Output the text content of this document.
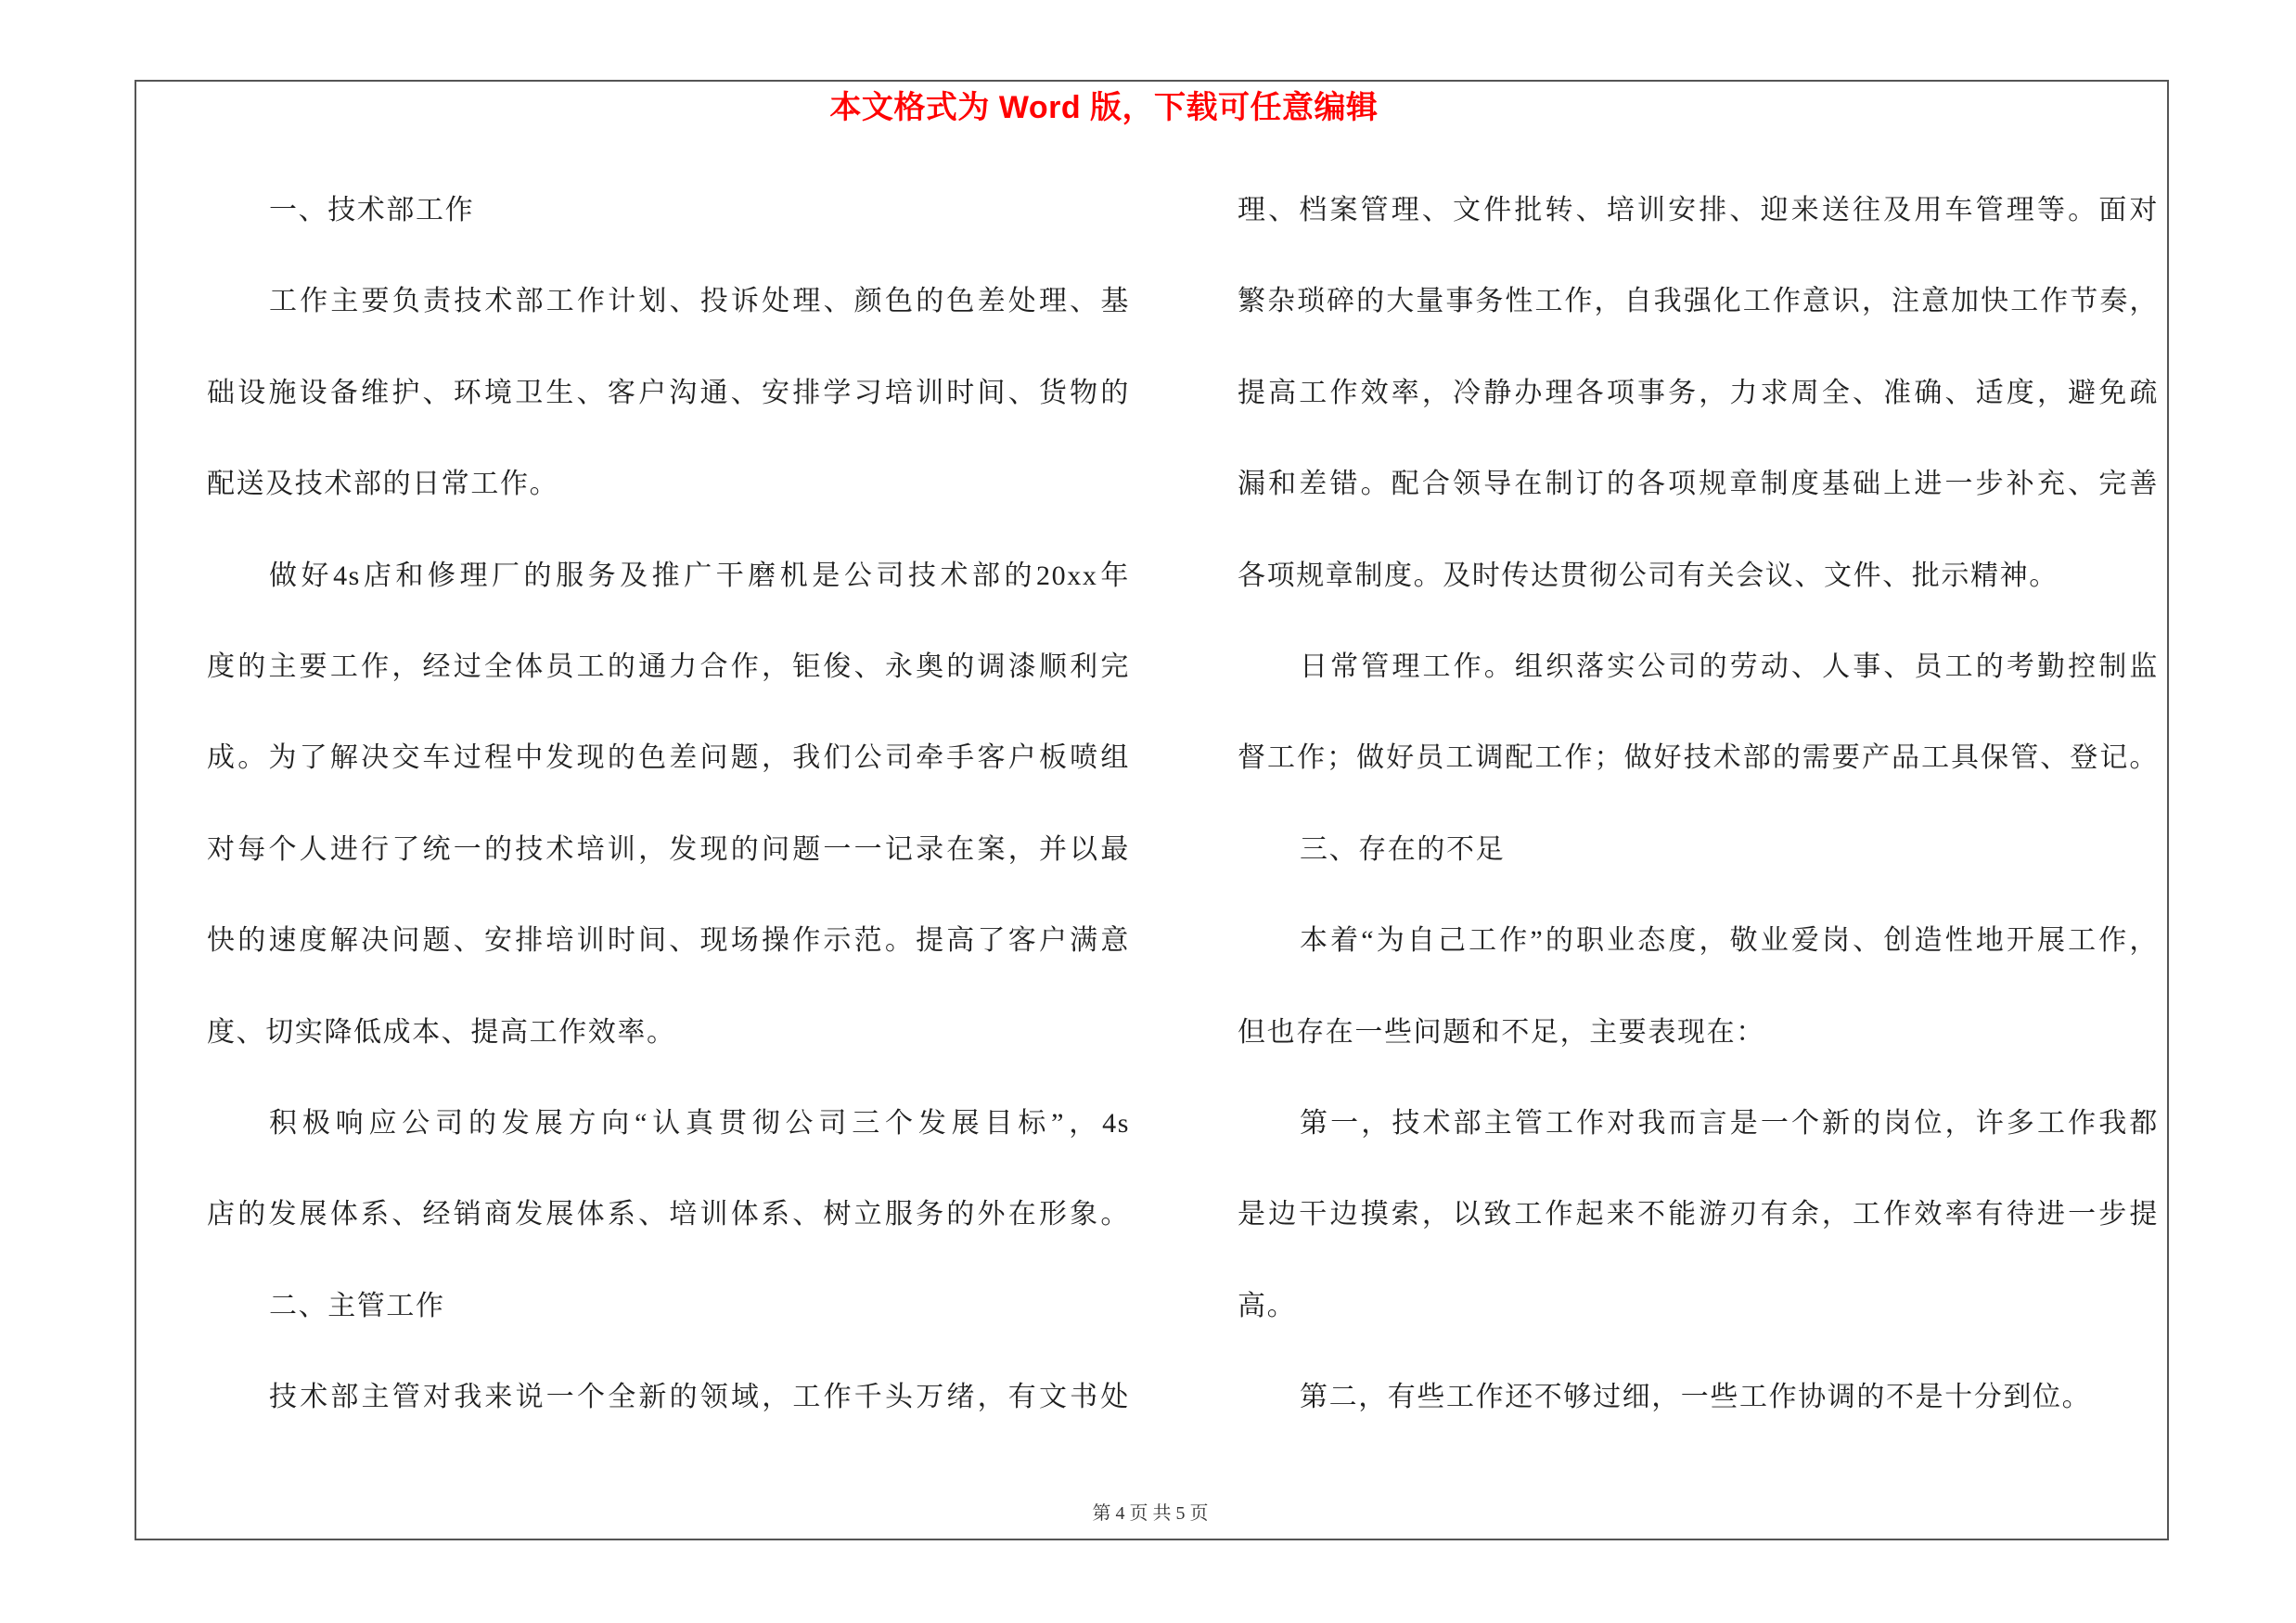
本文格式为 Word 版，下载可任意编辑
一、技术部工作
工作主要负责技术部工作计划、投诉处理、颜色的色差处理、基
础设施设备维护、环境卫生、客户沟通、安排学习培训时间、货物的
配送及技术部的日常工作。
做好4s店和修理厂的服务及推广干磨机是公司技术部的20xx年
度的主要工作，经过全体员工的通力合作，钜俊、永奥的调漆顺利完
成。为了解决交车过程中发现的色差问题，我们公司牵手客户板喷组
对每个人进行了统一的技术培训，发现的问题一一记录在案，并以最
快的速度解决问题、安排培训时间、现场操作示范。提高了客户满意
度、切实降低成本、提高工作效率。
积极响应公司的发展方向“认真贯彻公司三个发展目标”，4s
店的发展体系、经销商发展体系、培训体系、树立服务的外在形象。
二、主管工作
技术部主管对我来说一个全新的领域，工作千头万绪，有文书处
理、档案管理、文件批转、培训安排、迎来送往及用车管理等。面对
繁杂琐碎的大量事务性工作，自我强化工作意识，注意加快工作节奏，
提高工作效率，冷静办理各项事务，力求周全、准确、适度，避免疏
漏和差错。配合领导在制订的各项规章制度基础上进一步补充、完善
各项规章制度。及时传达贯彻公司有关会议、文件、批示精神。
日常管理工作。组织落实公司的劳动、人事、员工的考勤控制监
督工作；做好员工调配工作；做好技术部的需要产品工具保管、登记。
三、存在的不足
本着“为自己工作”的职业态度，敬业爱岗、创造性地开展工作，
但也存在一些问题和不足，主要表现在：
第一，技术部主管工作对我而言是一个新的岗位，许多工作我都
是边干边摸索，以致工作起来不能游刃有余，工作效率有待进一步提
高。
第二，有些工作还不够过细，一些工作协调的不是十分到位。
第 4 页 共 5 页
